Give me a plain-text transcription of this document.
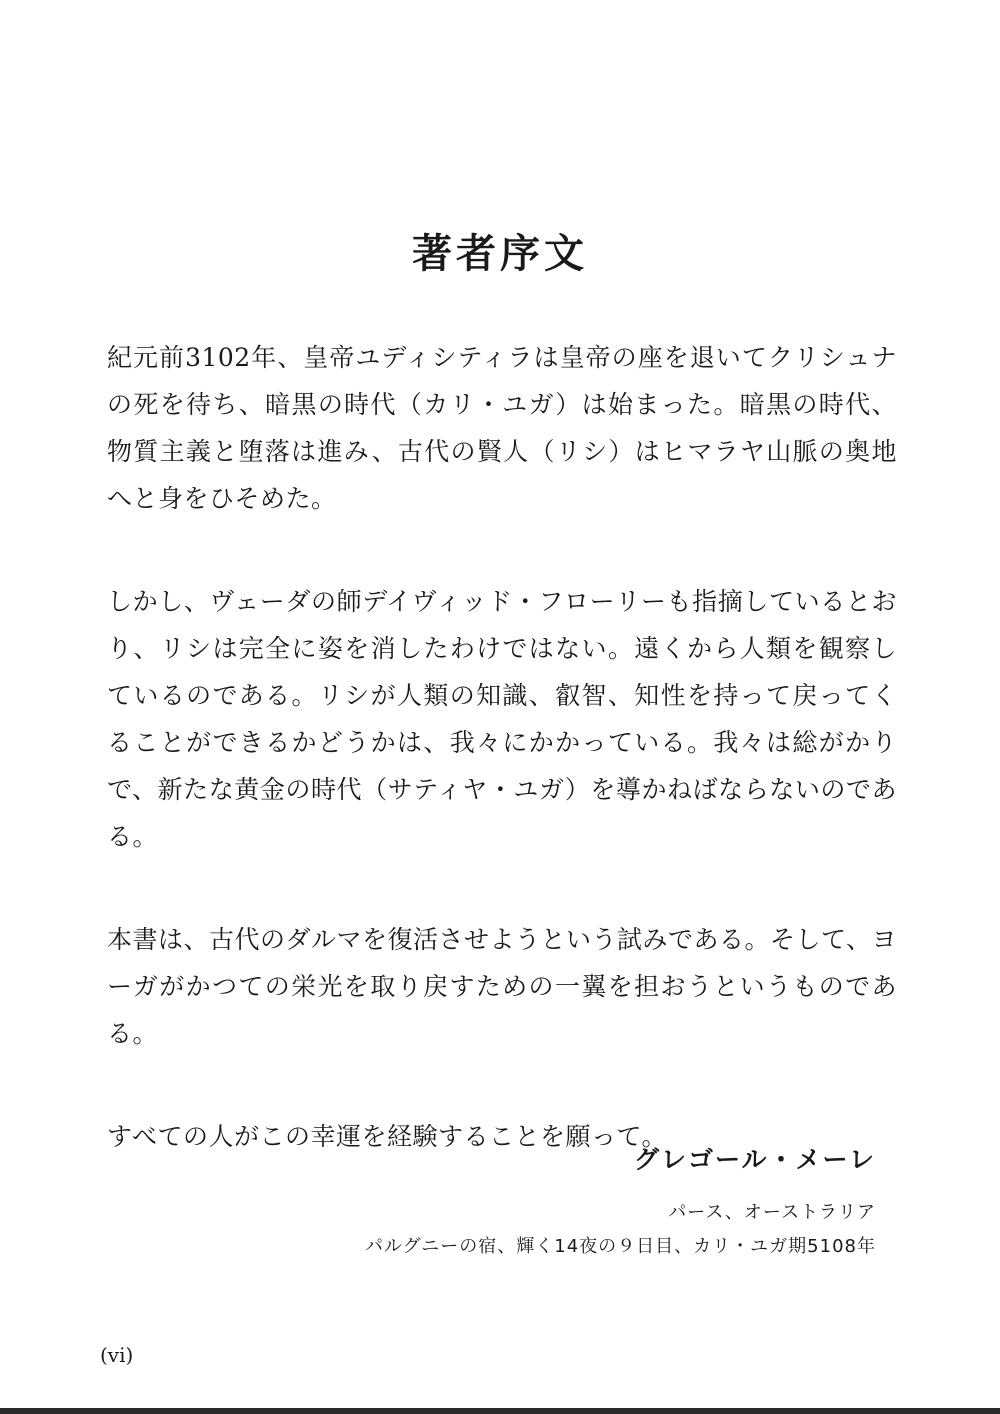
著者序文

紀元前3102年、皇帝ユディシティラは皇帝の座を退いてクリシュナの死を待ち、暗黒の時代（カリ・ユガ）は始まった。暗黒の時代、物質主義と堕落は進み、古代の賢人（リシ）はヒマラヤ山脈の奥地へと身をひそめた。

しかし、ヴェーダの師デイヴィッド・フローリーも指摘しているとおり、リシは完全に姿を消したわけではない。遠くから人類を観察しているのである。リシが人類の知識、叡智、知性を持って戻ってくることができるかどうかは、我々にかかっている。我々は総がかりで、新たな黄金の時代（サティヤ・ユガ）を導かねばならないのである。

本書は、古代のダルマを復活させようという試みである。そして、ヨーガがかつての栄光を取り戻すための一翼を担おうというものである。

すべての人がこの幸運を経験することを願って。

グレゴール・メーレ
パース、オーストラリア
パルグニーの宿、輝く14夜の９日目、カリ・ユガ期5108年
(vi)
